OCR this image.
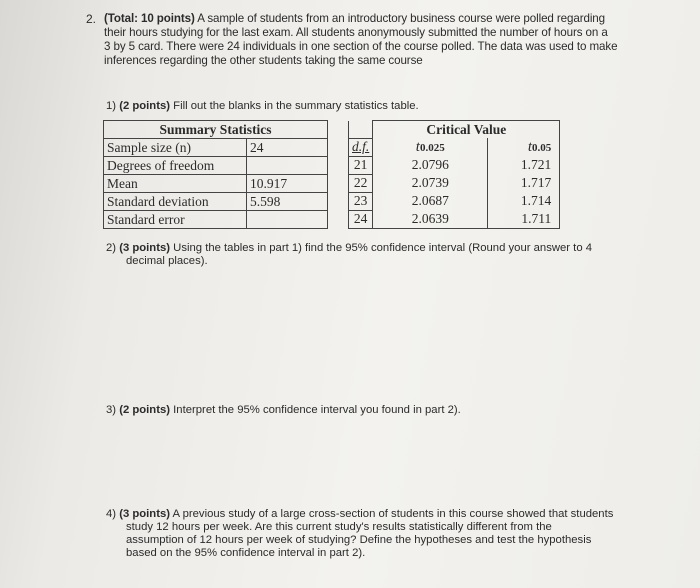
2. (Total: 10 points) A sample of students from an introductory business course were polled regarding
their hours studying for the last exam. All students anonymously submitted the number of hours on a
3 by 5 card. There were 24 individuals in one section of the course polled. The data was used to make
inferences regarding the other students taking the same course
1) (2 points) Fill out the blanks in the summary statistics table.
Summary Statistics	
Sample size (n)	24
Degrees of freedom	
Mean	10.917
Standard deviation	5.598
Standard error	
	Critical Value	
d.f.	t0.025	t0.05
21	2.0796	1.721
22	2.0739	1.717
23	2.0687	1.714
24	2.0639	1.711
2) (3 points) Using the tables in part 1) find the 95% confidence interval (Round your answer to 4
decimal places).
3) (2 points) Interpret the 95% confidence interval you found in part 2).
4) (3 points) A previous study of a large cross-section of students in this course showed that students
study 12 hours per week. Are this current study's results statistically different from the
assumption of 12 hours per week of studying? Define the hypotheses and test the hypothesis
based on the 95% confidence interval in part 2).
